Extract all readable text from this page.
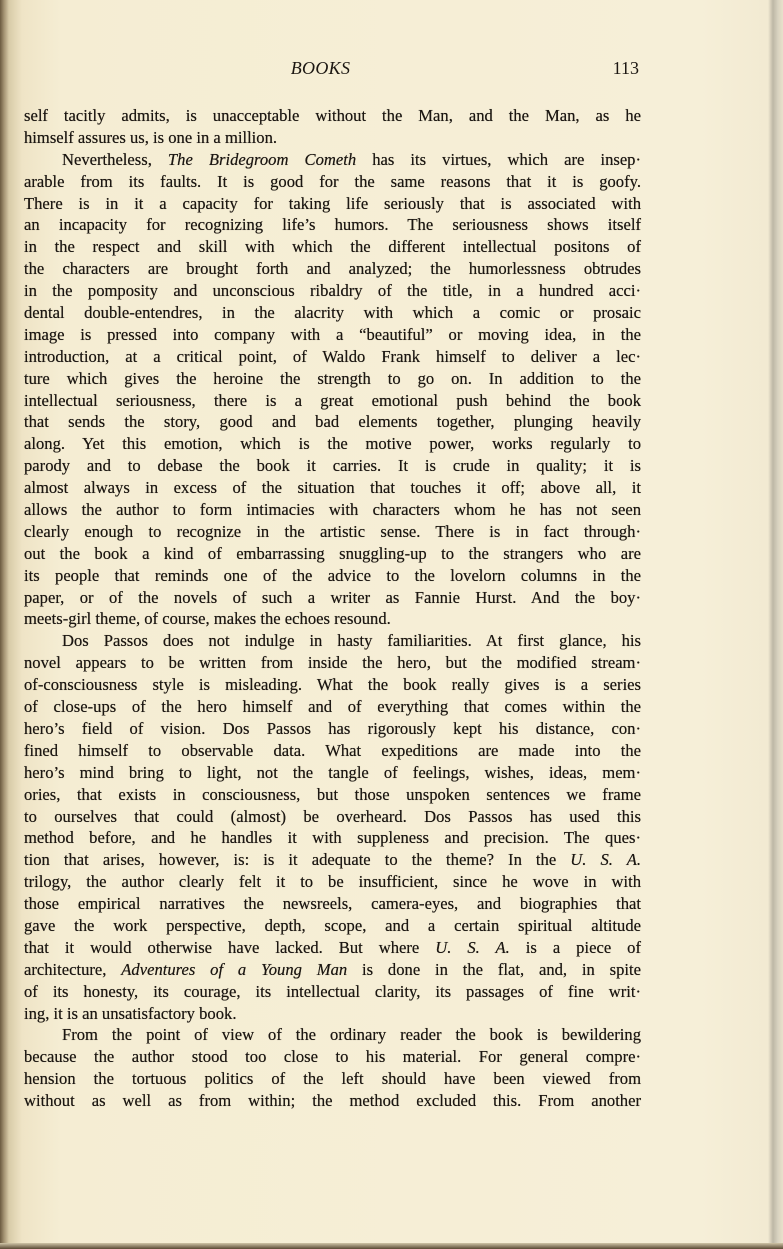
BOOKS	113
self tacitly admits, is unacceptable without the Man, and the Man, as he
himself assures us, is one in a million.
Nevertheless, The Bridegroom Cometh has its virtues, which are insep·
arable from its faults. It is good for the same reasons that it is goofy.
There is in it a capacity for taking life seriously that is associated with
an incapacity for recognizing life’s humors. The seriousness shows itself
in the respect and skill with which the different intellectual positons of
the characters are brought forth and analyzed; the humorlessness obtrudes
in the pomposity and unconscious ribaldry of the title, in a hundred acci·
dental double-entendres, in the alacrity with which a comic or prosaic
image is pressed into company with a “beautiful” or moving idea, in the
introduction, at a critical point, of Waldo Frank himself to deliver a lec·
ture which gives the heroine the strength to go on. In addition to the
intellectual seriousness, there is a great emotional push behind the book
that sends the story, good and bad elements together, plunging heavily
along. Yet this emotion, which is the motive power, works regularly to
parody and to debase the book it carries. It is crude in quality; it is
almost always in excess of the situation that touches it off; above all, it
allows the author to form intimacies with characters whom he has not seen
clearly enough to recognize in the artistic sense. There is in fact through·
out the book a kind of embarrassing snuggling-up to the strangers who are
its people that reminds one of the advice to the lovelorn columns in the
paper, or of the novels of such a writer as Fannie Hurst. And the boy·
meets-girl theme, of course, makes the echoes resound.
Dos Passos does not indulge in hasty familiarities. At first glance, his
novel appears to be written from inside the hero, but the modified stream·
of-consciousness style is misleading. What the book really gives is a series
of close-ups of the hero himself and of everything that comes within the
hero’s field of vision. Dos Passos has rigorously kept his distance, con·
fined himself to observable data. What expeditions are made into the
hero’s mind bring to light, not the tangle of feelings, wishes, ideas, mem·
ories, that exists in consciousness, but those unspoken sentences we frame
to ourselves that could (almost) be overheard. Dos Passos has used this
method before, and he handles it with suppleness and precision. The ques·
tion that arises, however, is: is it adequate to the theme? In the U. S. A.
trilogy, the author clearly felt it to be insufficient, since he wove in with
those empirical narratives the newsreels, camera-eyes, and biographies that
gave the work perspective, depth, scope, and a certain spiritual altitude
that it would otherwise have lacked. But where U. S. A. is a piece of
architecture, Adventures of a Young Man is done in the flat, and, in spite
of its honesty, its courage, its intellectual clarity, its passages of fine writ·
ing, it is an unsatisfactory book.
From the point of view of the ordinary reader the book is bewildering
because the author stood too close to his material. For general compre·
hension the tortuous politics of the left should have been viewed from
without as well as from within; the method excluded this. From another
